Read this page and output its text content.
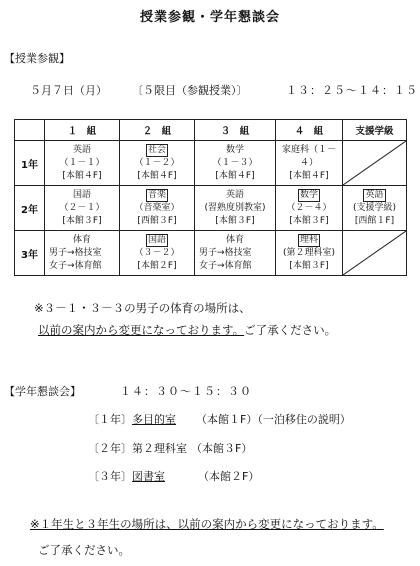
授業参観・学年懇談会
【授業参観】
５月７日（月） 〔５限目（参観授業）〕	１３：２５～１４：１５
	１　組	２　組	３　組	４　組	支援学級
1年	英語
（１－１）
[本館４F]	社会
（１－２）
[本館４F]	数学
（１－３）
[本館４F]	家庭科（１－
４）
[本館４F]

2年	国語
（２－１）
[本館３F]	音楽
（音楽室）
[西館３F]	英語
(習熟度別教室)
[本館３F]	数学
（２－４）
[本館３F]	英語
(支援学級)
[西館１F]

3年	体育
男子→格技室
女子→体育館	国語
（３－２）
[本館２F]	体育
男子→格技室
女子→体育館	理科
(第２理科室)
[本館３F]

※３－１・３－３の男子の体育の場所は、
以前の案内から変更になっております。ご了承ください。
【学年懇談会】	１４：３０～１５：３０
〔１年〕多目的室 （本館１F）（一泊移住の説明）
〔２年〕第２理科室 （本館３F）
〔３年〕図書室	（本館２F）
※１年生と３年生の場所は、以前の案内から変更になっております。
ご了承ください。
